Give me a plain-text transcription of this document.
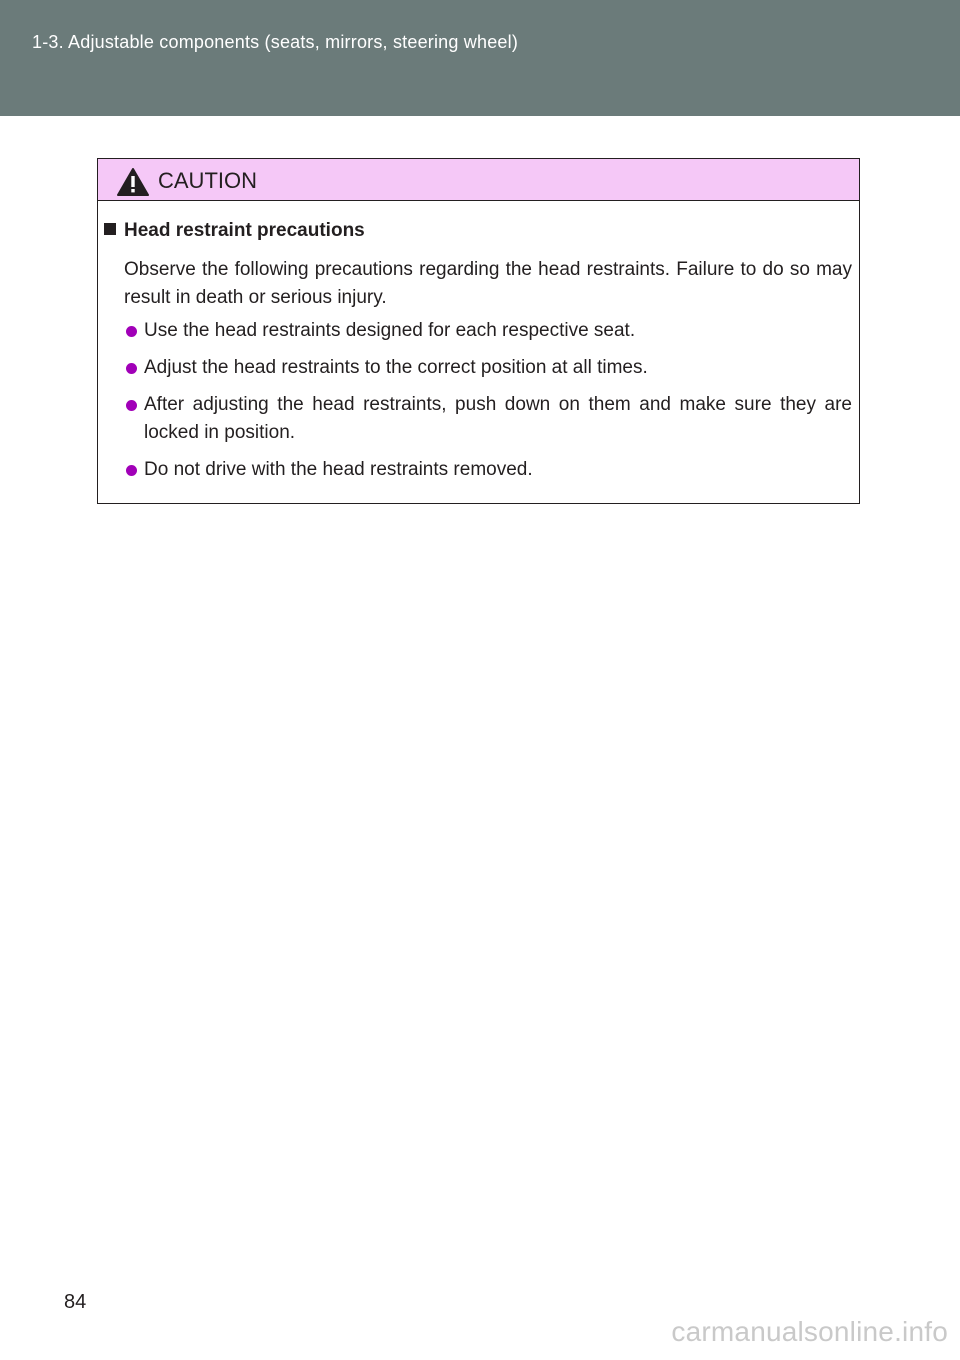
1-3. Adjustable components (seats, mirrors, steering wheel)
CAUTION
Head restraint precautions

Observe the following precautions regarding the head restraints. Failure to do so may result in death or serious injury.

Use the head restraints designed for each respective seat.
Adjust the head restraints to the correct position at all times.
After adjusting the head restraints, push down on them and make sure they are locked in position.
Do not drive with the head restraints removed.
84
carmanualsonline.info
